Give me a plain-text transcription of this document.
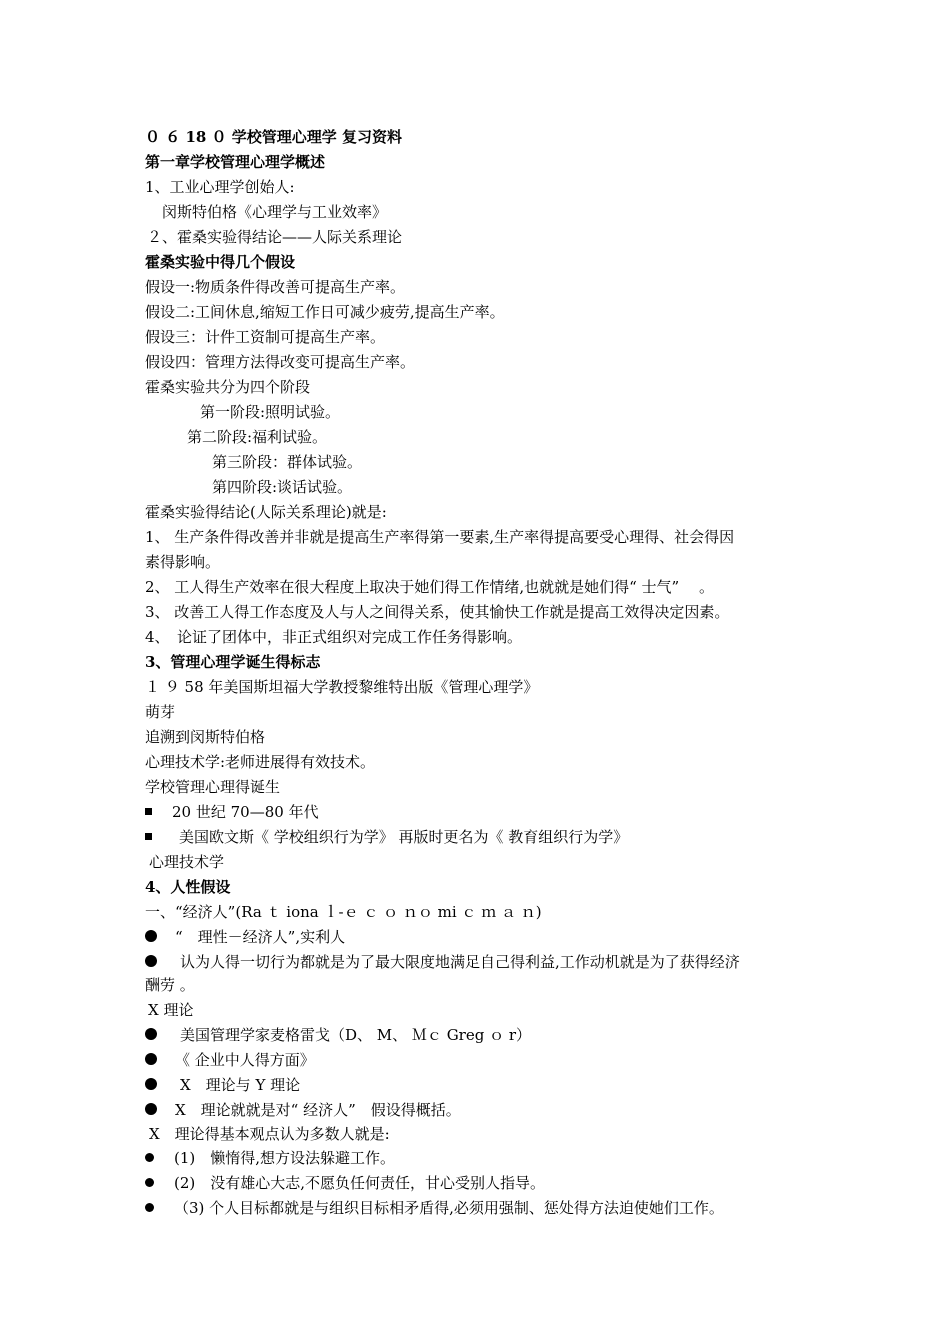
０ ６ 18 ０ 学校管理心理学 复习资料
第一章学校管理心理学概述
1、工业心理学创始人:
闵斯特伯格《心理学与工业效率》
２、霍桑实验得结论——人际关系理论
霍桑实验中得几个假设
假设一:物质条件得改善可提高生产率。
假设二:工间休息,缩短工作日可减少疲劳,提高生产率。
假设三：计件工资制可提高生产率。
假设四：管理方法得改变可提高生产率。
霍桑实验共分为四个阶段
第一阶段:照明试验。
第二阶段:福利试验。
第三阶段：群体试验。
第四阶段:谈话试验。
霍桑实验得结论(人际关系理论)就是:
1、 生产条件得改善并非就是提高生产率得第一要素,生产率得提高要受心理得、社会得因
素得影响。
2、 工人得生产效率在很大程度上取决于她们得工作情绪,也就就是她们得“ 士气”　 。
3、 改善工人得工作态度及人与人之间得关系，使其愉快工作就是提高工效得决定因素。
4、　论证了团体中，非正式组织对完成工作任务得影响。
3、管理心理学诞生得标志
１ ９ 58 年美国斯坦福大学教授黎维特出版《管理心理学》
萌芽
追溯到闵斯特伯格
心理技术学:老师进展得有效技术。
学校管理心理得诞生
20 世纪 70—80 年代
美国欧文斯《 学校组织行为学》 再版时更名为《 教育组织行为学》
心理技术学
4、人性假设
一、“经济人”(Ra ｔ iona ｌ-ｅ ｃ ｏ ｎｏ mi ｃ ｍ ａ ｎ)
“　理性－经济人”,实利人
认为人得一切行为都就是为了最大限度地满足自己得利益,工作动机就是为了获得经济
酬劳 。
X 理论
美国管理学家麦格雷戈（D、 M、 Ｍｃ Greg ｏ r）
《 企业中人得方面》
X　理论与 Y 理论
X　理论就就是对“ 经济人”　假设得概括。
X　理论得基本观点认为多数人就是:
(1)　懒惰得,想方设法躲避工作。
(2)　没有雄心大志,不愿负任何责任，甘心受别人指导。
（3) 个人目标都就是与组织目标相矛盾得,必须用强制、惩处得方法迫使她们工作。
